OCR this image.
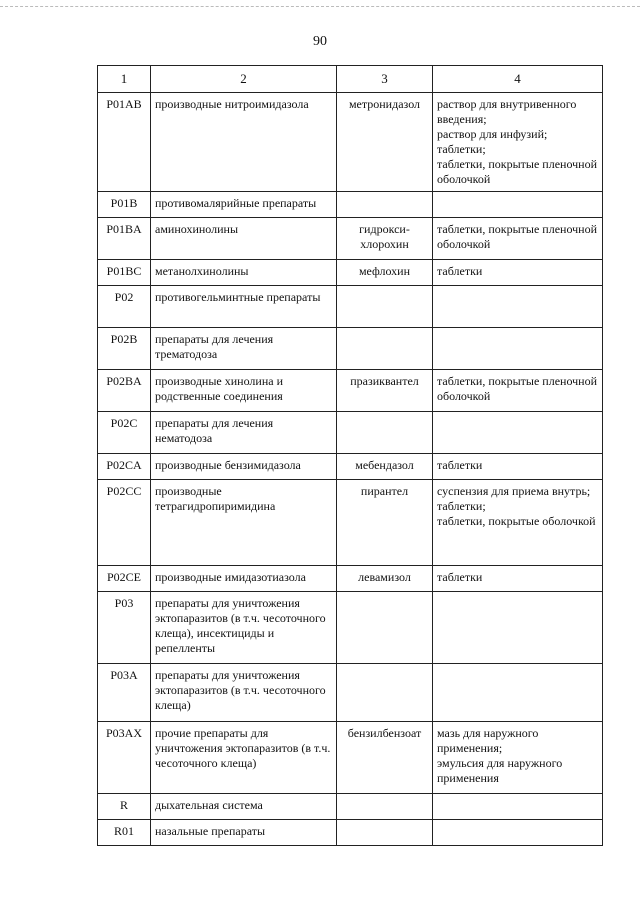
90
1	2	3	4
P01AB	производные нитроимидазола	метронидазол	раствор для внутривенного введения;
раствор для инфузий;
таблетки;
таблетки, покрытые пленочной оболочкой
P01B	противомалярийные препараты		
P01BA	аминохинолины	гидрокси-
хлорохин	таблетки, покрытые пленочной оболочкой
P01BC	метанолхинолины	мефлохин	таблетки
P02	противогельминтные препараты		
P02B	препараты для лечения трематодоза		
P02BA	производные хинолина и родственные соединения	празиквантел	таблетки, покрытые пленочной оболочкой
P02C	препараты для лечения нематодоза		
P02CA	производные бензимидазола	мебендазол	таблетки
P02CC	производные тетрагидропиримидина	пирантел	суспензия для приема внутрь;
таблетки;
таблетки, покрытые оболочкой
P02CE	производные имидазотиазола	левамизол	таблетки
P03	препараты для уничтожения эктопаразитов (в т.ч. чесоточного клеща), инсектициды и репелленты		
P03A	препараты для уничтожения эктопаразитов (в т.ч. чесоточного клеща)		
P03AX	прочие препараты для уничтожения эктопаразитов (в т.ч. чесоточного клеща)	бензилбензоат	мазь для наружного применения;
эмульсия для наружного применения
R	дыхательная система		
R01	назальные препараты		
